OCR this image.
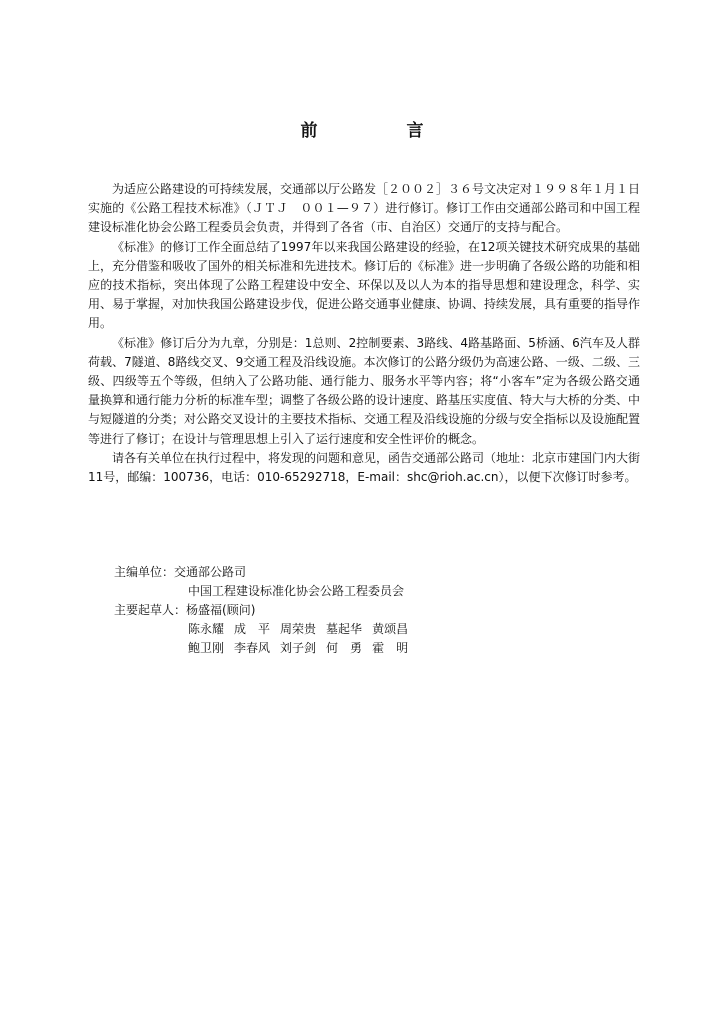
前　言

为适应公路建设的可持续发展，交通部以厅公路发［２００２］３６号文决定对１９９８年１月１日实施的《公路工程技术标准》（ＪＴＪ　００１—９７）进行修订。修订工作由交通部公路司和中国工程建设标准化协会公路工程委员会负责，并得到了各省（市、自治区）交通厅的支持与配合。

《标准》的修订工作全面总结了1997年以来我国公路建设的经验，在12项关键技术研究成果的基础上，充分借鉴和吸收了国外的相关标准和先进技术。修订后的《标准》进一步明确了各级公路的功能和相应的技术指标，突出体现了公路工程建设中安全、环保以及以人为本的指导思想和建设理念，科学、实用、易于掌握，对加快我国公路建设步伐，促进公路交通事业健康、协调、持续发展，具有重要的指导作用。

《标准》修订后分为九章，分别是：1总则、2控制要素、3路线、4路基路面、5桥涵、6汽车及人群荷载、7隧道、8路线交叉、9交通工程及沿线设施。本次修订的公路分级仍为高速公路、一级、二级、三级、四级等五个等级，但纳入了公路功能、通行能力、服务水平等内容；将“小客车”定为各级公路交通量换算和通行能力分析的标准车型；调整了各级公路的设计速度、路基压实度值、特大与大桥的分类、中与短隧道的分类；对公路交叉设计的主要技术指标、交通工程及沿线设施的分级与安全指标以及设施配置等进行了修订；在设计与管理思想上引入了运行速度和安全性评价的概念。

请各有关单位在执行过程中，将发现的问题和意见，函告交通部公路司（地址：北京市建国门内大街11号，邮编：100736，电话：010-65292718，E-mail：shc@rioh.ac.cn），以便下次修订时参考。

主编单位： 交通部公路司
中国工程建设标准化协会公路工程委员会
主要起草人： 杨盛福(顾问)
陈永耀 成　平 周荣贵 墓起华 黄颂昌
鲍卫刚 李春风 刘子剑 何　勇 霍　明
